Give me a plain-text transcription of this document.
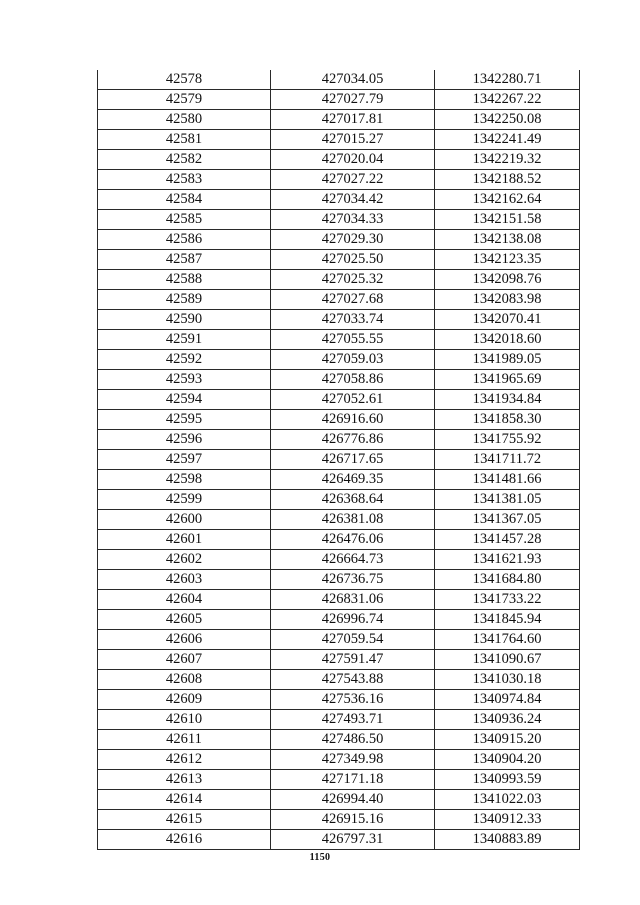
42578	427034.05	1342280.71
42579	427027.79	1342267.22
42580	427017.81	1342250.08
42581	427015.27	1342241.49
42582	427020.04	1342219.32
42583	427027.22	1342188.52
42584	427034.42	1342162.64
42585	427034.33	1342151.58
42586	427029.30	1342138.08
42587	427025.50	1342123.35
42588	427025.32	1342098.76
42589	427027.68	1342083.98
42590	427033.74	1342070.41
42591	427055.55	1342018.60
42592	427059.03	1341989.05
42593	427058.86	1341965.69
42594	427052.61	1341934.84
42595	426916.60	1341858.30
42596	426776.86	1341755.92
42597	426717.65	1341711.72
42598	426469.35	1341481.66
42599	426368.64	1341381.05
42600	426381.08	1341367.05
42601	426476.06	1341457.28
42602	426664.73	1341621.93
42603	426736.75	1341684.80
42604	426831.06	1341733.22
42605	426996.74	1341845.94
42606	427059.54	1341764.60
42607	427591.47	1341090.67
42608	427543.88	1341030.18
42609	427536.16	1340974.84
42610	427493.71	1340936.24
42611	427486.50	1340915.20
42612	427349.98	1340904.20
42613	427171.18	1340993.59
42614	426994.40	1341022.03
42615	426915.16	1340912.33
42616	426797.31	1340883.89
1150
